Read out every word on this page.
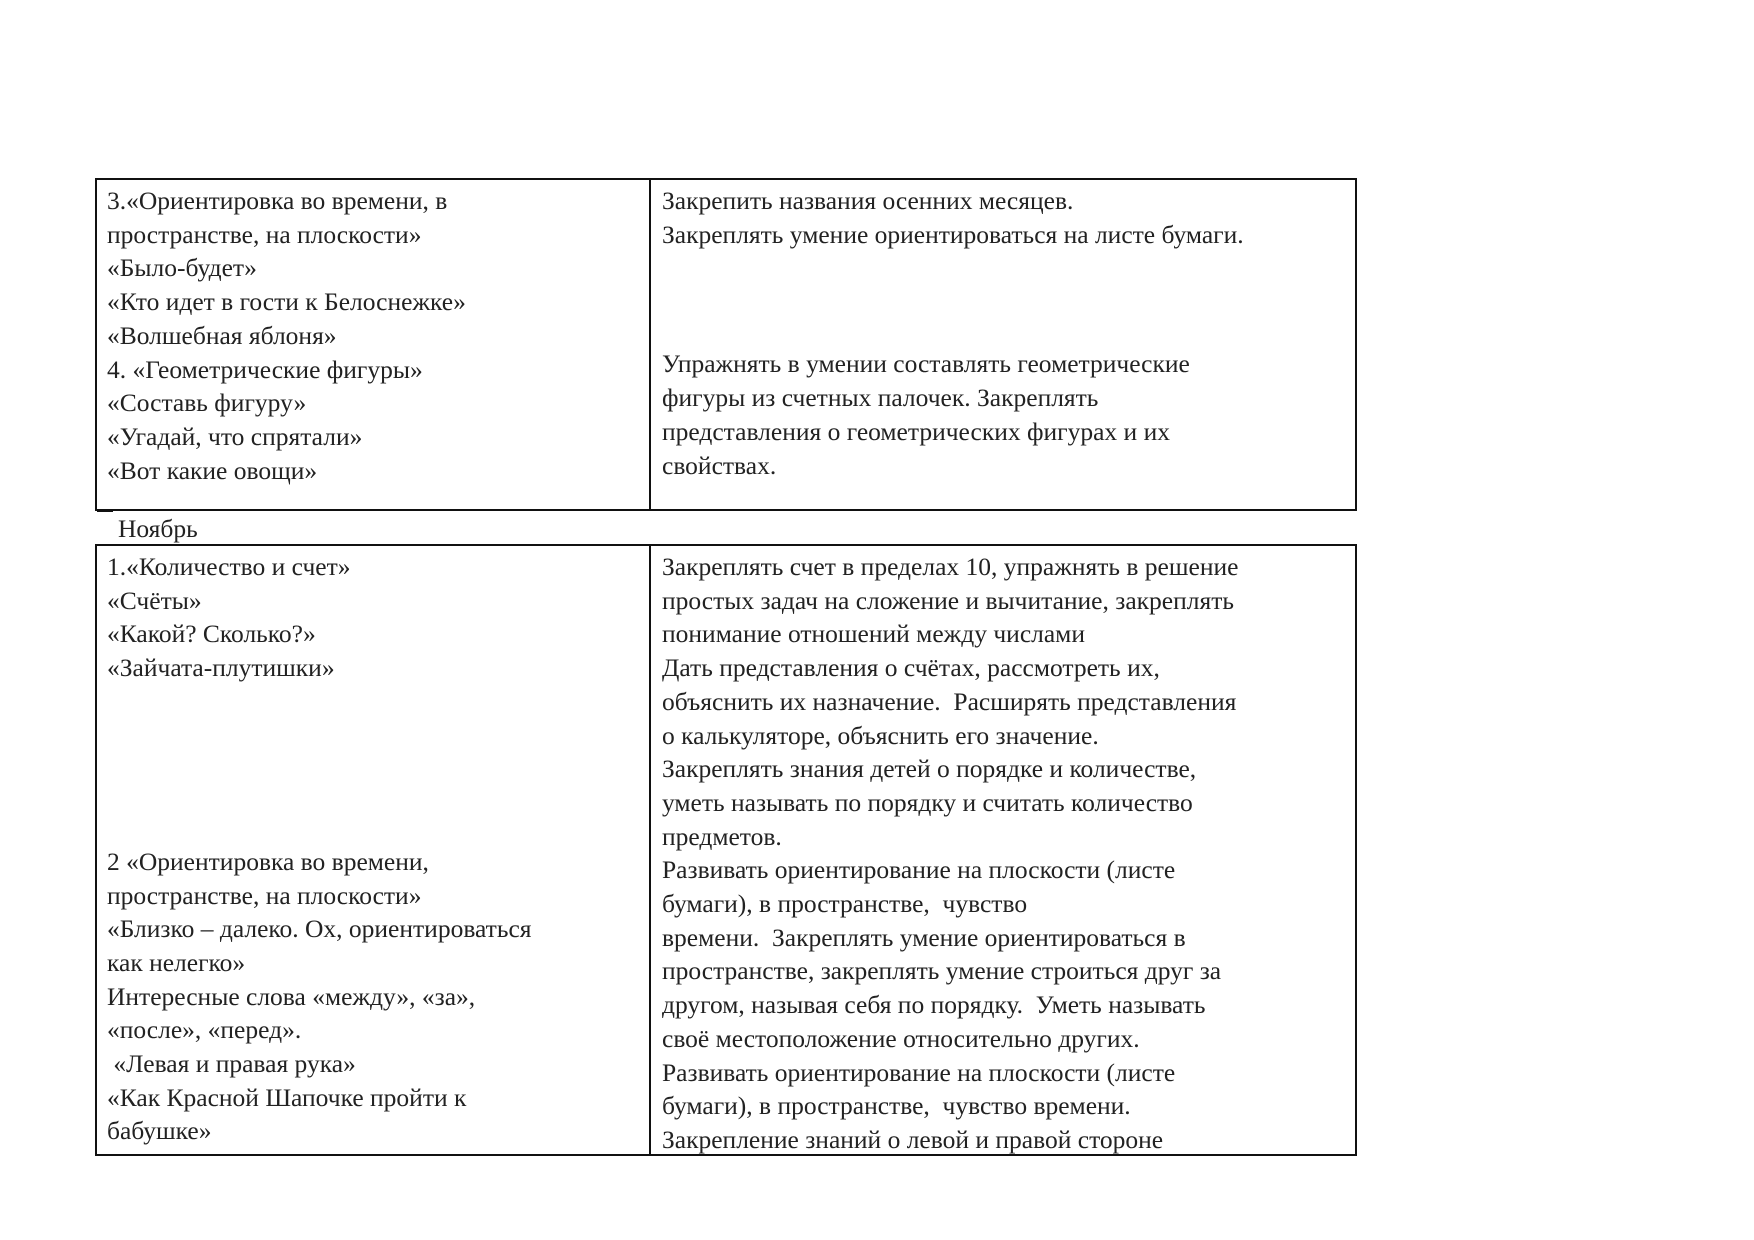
3.«Ориентировка во времени, в

пространстве, на плоскости»

«Было-будет»

«Кто идет в гости к Белоснежке»

«Волшебная яблоня»

4. «Геометрические фигуры»

«Составь фигуру»

«Угадай, что спрятали»

«Вот какие овощи»

Закрепить названия осенних месяцев.

Закреплять умение ориентироваться на листе бумаги.

Упражнять в умении составлять геометрические

фигуры из счетных палочек. Закреплять

представления о геометрических фигурах и их

свойствах.

Ноябрь

1.«Количество и счет»

«Счёты»

«Какой? Сколько?»

«Зайчата-плутишки»

2 «Ориентировка во времени,

пространстве, на плоскости»

«Близко – далеко. Ох, ориентироваться

как нелегко»

Интересные слова «между», «за»,

«после», «перед».

«Левая и правая рука»

«Как Красной Шапочке пройти к

бабушке»

Закреплять счет в пределах 10, упражнять в решение

простых задач на сложение и вычитание, закреплять

понимание отношений между числами

Дать представления о счётах, рассмотреть их,

объяснить их назначение.  Расширять представления

о калькуляторе, объяснить его значение.

Закреплять знания детей о порядке и количестве,

уметь называть по порядку и считать количество

предметов.

Развивать ориентирование на плоскости (листе

бумаги), в пространстве,  чувство

времени.  Закреплять умение ориентироваться в

пространстве, закреплять умение строиться друг за

другом, называя себя по порядку.  Уметь называть

своё местоположение относительно других.

Развивать ориентирование на плоскости (листе

бумаги), в пространстве,  чувство времени.

Закрепление знаний о левой и правой стороне
